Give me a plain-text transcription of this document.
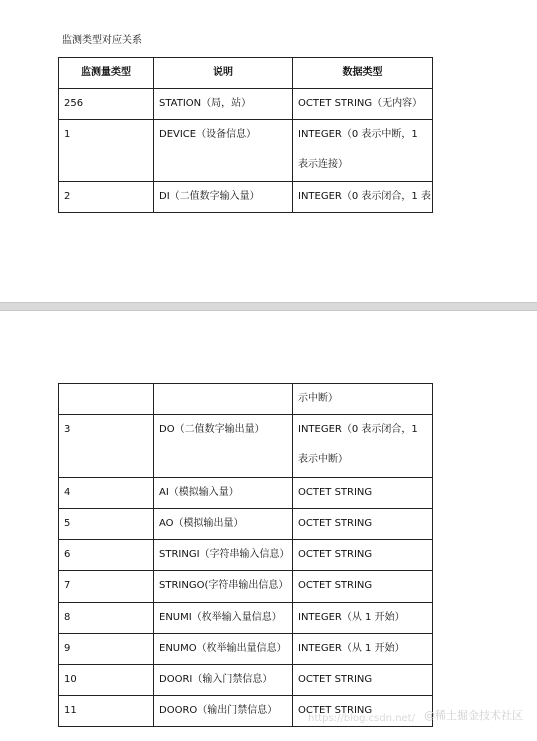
监测类型对应关系
监测量类型	说明	数据类型
256	STATION（局，站）	OCTET STRING（无内容）
1	DEVICE（设备信息）	INTEGER（0 表示中断，1 表示连接）
2	DI（二值数字输入量）	INTEGER（0 表示闭合，1 表
		示中断）
3	DO（二值数字输出量）	INTEGER（0 表示闭合，1 表示中断）
4	AI（模拟输入量）	OCTET STRING
5	AO（模拟输出量）	OCTET STRING
6	STRINGI（字符串输入信息）	OCTET STRING
7	STRINGO(字符串输出信息）	OCTET STRING
8	ENUMI（枚举输入量信息）	INTEGER（从 1 开始）
9	ENUMO（枚举输出量信息）	INTEGER（从 1 开始）
10	DOORI（输入门禁信息）	OCTET STRING
11	DOORO（输出门禁信息）	OCTET STRING
https://blog.csdn.net/ @稀土掘金技术社区
